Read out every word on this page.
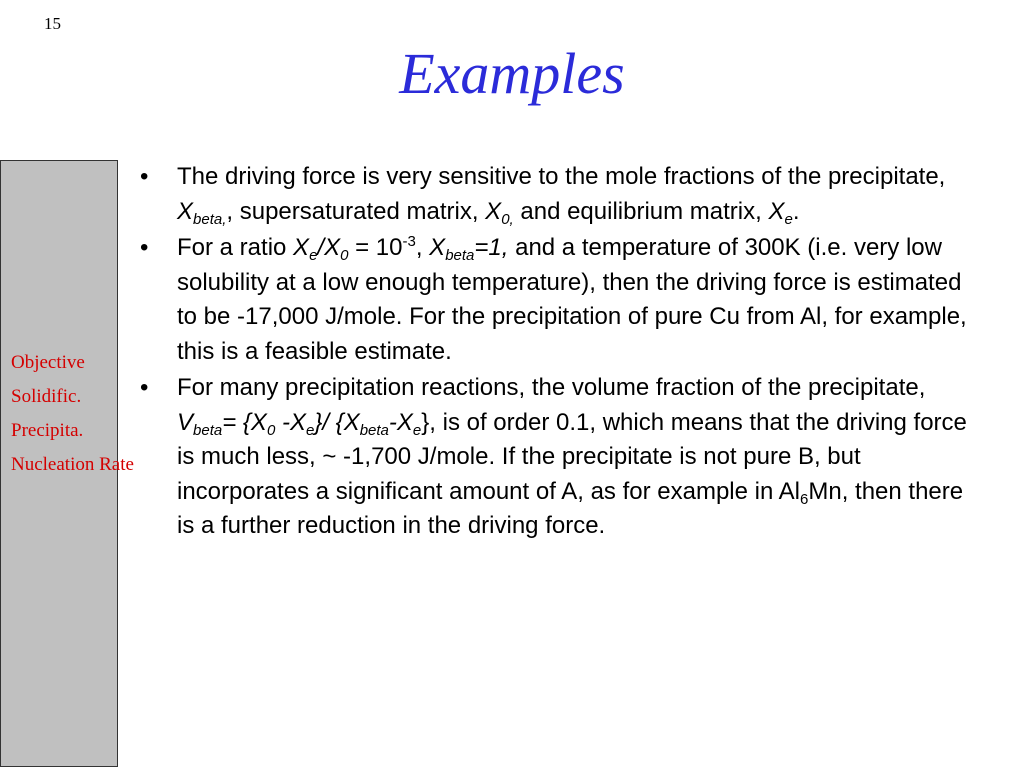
15
Examples
Objective
Solidific.
Precipita.
Nucleation Rate
• The driving force is very sensitive to the mole fractions of the precipitate, $X_{beta,}$, supersaturated matrix, $X_{0,}$ and equilibrium matrix, $X_e$.
• For a ratio $X_e/X_0 = 10^{-3}$, $X_{beta}=1$, and a temperature of 300K (i.e. very low solubility at a low enough temperature), then the driving force is estimated to be -17,000 J/mole. For the precipitation of pure Cu from Al, for example, this is a feasible estimate.
• For many precipitation reactions, the volume fraction of the precipitate, $V_{beta}= \{X_0$ $-X_e\}/$ $\{X_{beta}-X_e\}$, is of order 0.1, which means that the driving force is much less, ~ -1,700 J/mole. If the precipitate is not pure B, but incorporates a significant amount of A, as for example in $Al_6Mn$, then there is a further reduction in the driving force.
